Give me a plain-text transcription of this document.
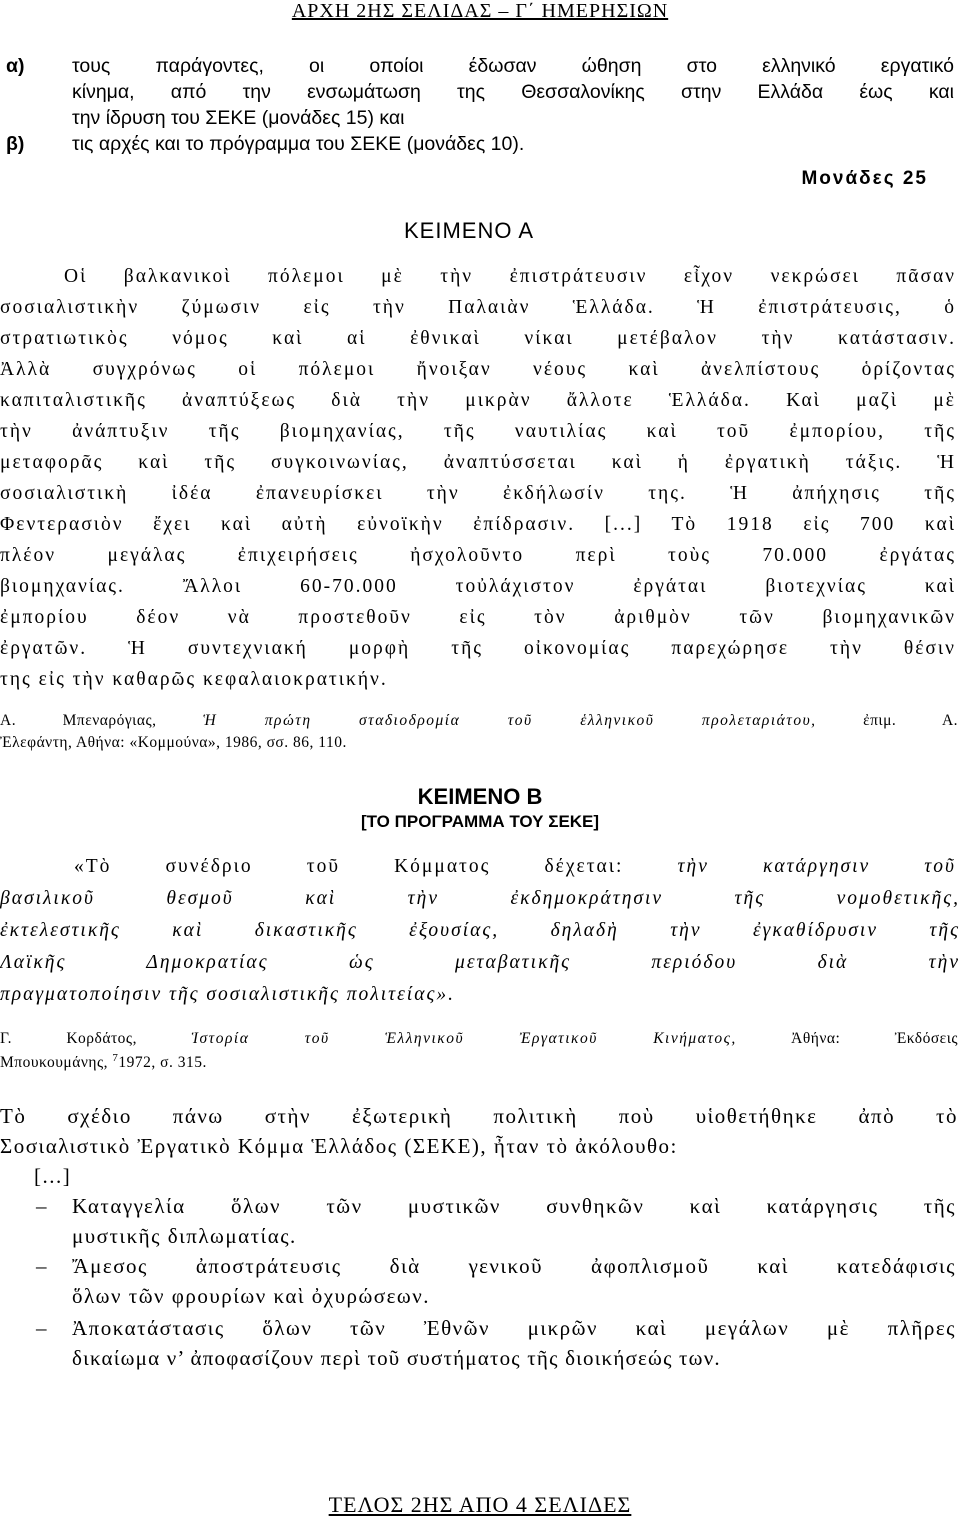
ΑΡΧΗ 2ΗΣ ΣΕΛΙΔΑΣ – Γ΄ ΗΜΕΡΗΣΙΩΝ
α) τους παράγοντες, οι οποίοι έδωσαν ώθηση στο ελληνικό εργατικό
κίνημα, από την ενσωμάτωση της Θεσσαλονίκης στην Ελλάδα έως και
την ίδρυση του ΣΕΚΕ (μονάδες 15) και
β) τις αρχές και το πρόγραμμα του ΣΕΚΕ (μονάδες 10).
Μονάδες 25
ΚΕΙΜΕΝΟ Α
Οἱ βαλκανικοὶ πόλεμοι μὲ τὴν ἐπιστράτευσιν εἶχον νεκρώσει πᾶσαν
σοσιαλιστικὴν ζύμωσιν εἰς τὴν Παλαιὰν Ἑλλάδα. Ἡ ἐπιστράτευσις, ὁ
στρατιωτικὸς νόμος καὶ αἱ ἐθνικαὶ νίκαι μετέβαλον τὴν κατάστασιν.
Ἀλλὰ συγχρόνως οἱ πόλεμοι ἤνοιξαν νέους καὶ ἀνελπίστους ὁρίζοντας
καπιταλιστικῆς ἀναπτύξεως διὰ τὴν μικρὰν ἄλλοτε Ἑλλάδα. Καὶ μαζὶ μὲ
τὴν ἀνάπτυξιν τῆς βιομηχανίας, τῆς ναυτιλίας καὶ τοῦ ἐμπορίου, τῆς
μεταφορᾶς καὶ τῆς συγκοινωνίας, ἀναπτύσσεται καὶ ἡ ἐργατικὴ τάξις. Ἡ
σοσιαλιστικὴ ἰδέα ἐπανευρίσκει τὴν ἐκδήλωσίν της. Ἡ ἀπήχησις τῆς
Φεντερασιὸν ἔχει καὶ αὐτὴ εὐνοϊκὴν ἐπίδρασιν. [...] Τὸ 1918 εἰς 700 καὶ
πλέον μεγάλας ἐπιχειρήσεις ἠσχολοῦντο περὶ τοὺς 70.000 ἐργάτας
βιομηχανίας. Ἄλλοι 60-70.000 τοὐλάχιστον ἐργάται βιοτεχνίας καὶ
ἐμπορίου δέον νὰ προστεθοῦν εἰς τὸν ἀριθμὸν τῶν βιομηχανικῶν
ἐργατῶν. Ἡ συντεχνιακή μορφὴ τῆς οἰκονομίας παρεχώρησε τὴν θέσιν
της εἰς τὴν καθαρῶς κεφαλαιοκρατικήν.
Α. Μπεναρόγιας,	Ἡ πρώτη σταδιοδρομία τοῦ ἑλληνικοῦ προλεταριάτου,	ἐπιμ. Α.
Ἐλεφάντη, Αθήνα: «Κομμούνα», 1986, σσ. 86, 110.
ΚΕΙΜΕΝΟ Β
[ΤΟ ΠΡΟΓΡΑΜΜΑ ΤΟΥ ΣΕΚΕ]
«Τὸ συνέδριο τοῦ Κόμματος δέχεται:	τὴν κατάργησιν τοῦ
βασιλικοῦ θεσμοῦ καὶ τὴν ἐκδημοκράτησιν τῆς νομοθετικῆς,
ἐκτελεστικῆς καὶ δικαστικῆς ἐξουσίας, δηλαδὴ τὴν ἐγκαθίδρυσιν τῆς
Λαϊκῆς Δημοκρατίας ὡς μεταβατικῆς περιόδου διὰ τὴν
πραγματοποίησιν τῆς σοσιαλιστικῆς πολιτείας».
Γ. Κορδάτος,	Ἱστορία τοῦ Ἑλληνικοῦ Ἐργατικοῦ Κινήματος,	Ἀθήνα: Ἐκδόσεις
Μπουκουμάνης, $^7$1972, σ. 315.
Τὸ σχέδιο πάνω στὴν ἐξωτερικὴ πολιτικὴ ποὺ υἱοθετήθηκε ἀπὸ τὸ
Σοσιαλιστικὸ Ἐργατικὸ Κόμμα Ἑλλάδος (ΣΕΚΕ), ἦταν τὸ ἀκόλουθο:
[...]
– Καταγγελία ὅλων τῶν μυστικῶν συνθηκῶν καὶ κατάργησις τῆς
μυστικῆς διπλωματίας.
– Ἄμεσος ἀποστράτευσις διὰ γενικοῦ ἀφοπλισμοῦ καὶ κατεδάφισις
ὅλων τῶν φρουρίων καὶ ὀχυρώσεων.
– Ἀποκατάστασις ὅλων τῶν Ἐθνῶν μικρῶν καὶ μεγάλων μὲ πλῆρες
δικαίωμα ν’ ἀποφασίζουν περὶ τοῦ συστήματος τῆς διοικήσεώς των.
ΤΕΛΟΣ 2ΗΣ ΑΠΟ 4 ΣΕΛΙΔΕΣ
